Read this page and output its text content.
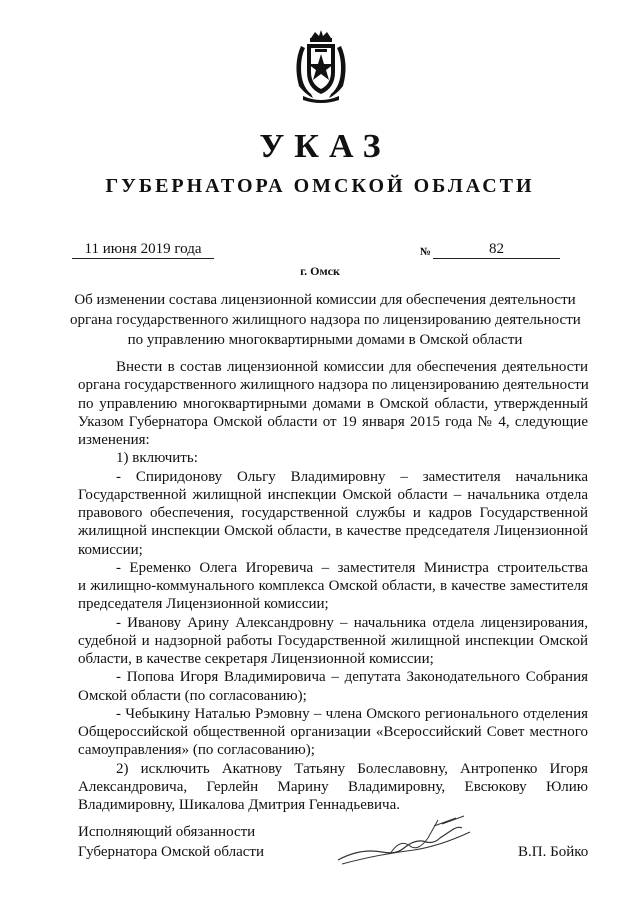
УКАЗ
ГУБЕРНАТОРА ОМСКОЙ ОБЛАСТИ
11 июня 2019 года	№	82
г. Омск
Об изменении состава лицензионной комиссии для обеспечения деятельности
органа государственного жилищного надзора по лицензированию деятельности
по управлению многоквартирными домами в Омской области
Внести в состав лицензионной комиссии для обеспечения деятельности
органа государственного жилищного надзора по лицензированию деятельности
по управлению многоквартирными домами в Омской области, утвержденный
Указом Губернатора Омской области от 19 января 2015 года № 4, следующие
изменения:
1) включить:
- Спиридонову Ольгу Владимировну – заместителя начальника
Государственной жилищной инспекции Омской области – начальника отдела
правового обеспечения, государственной службы и кадров Государственной
жилищной инспекции Омской области, в качестве председателя Лицензионной
комиссии;
- Еременко Олега Игоревича – заместителя Министра строительства
и жилищно-коммунального комплекса Омской области, в качестве заместителя
председателя Лицензионной комиссии;
- Иванову Арину Александровну – начальника отдела лицензирования,
судебной и надзорной работы Государственной жилищной инспекции Омской
области, в качестве секретаря Лицензионной комиссии;
- Попова Игоря Владимировича – депутата Законодательного Собрания
Омской области (по согласованию);
- Чебыкину Наталью Рэмовну – члена Омского регионального отделения
Общероссийской общественной организации «Всероссийский Совет местного
самоуправления» (по согласованию);
2) исключить Акатнову Татьяну Болеславовну, Антропенко Игоря
Александровича, Герлейн Марину Владимировну, Евсюкову Юлию
Владимировну, Шикалова Дмитрия Геннадьевича.
Исполняющий обязанности
Губернатора Омской области	В.П. Бойко
